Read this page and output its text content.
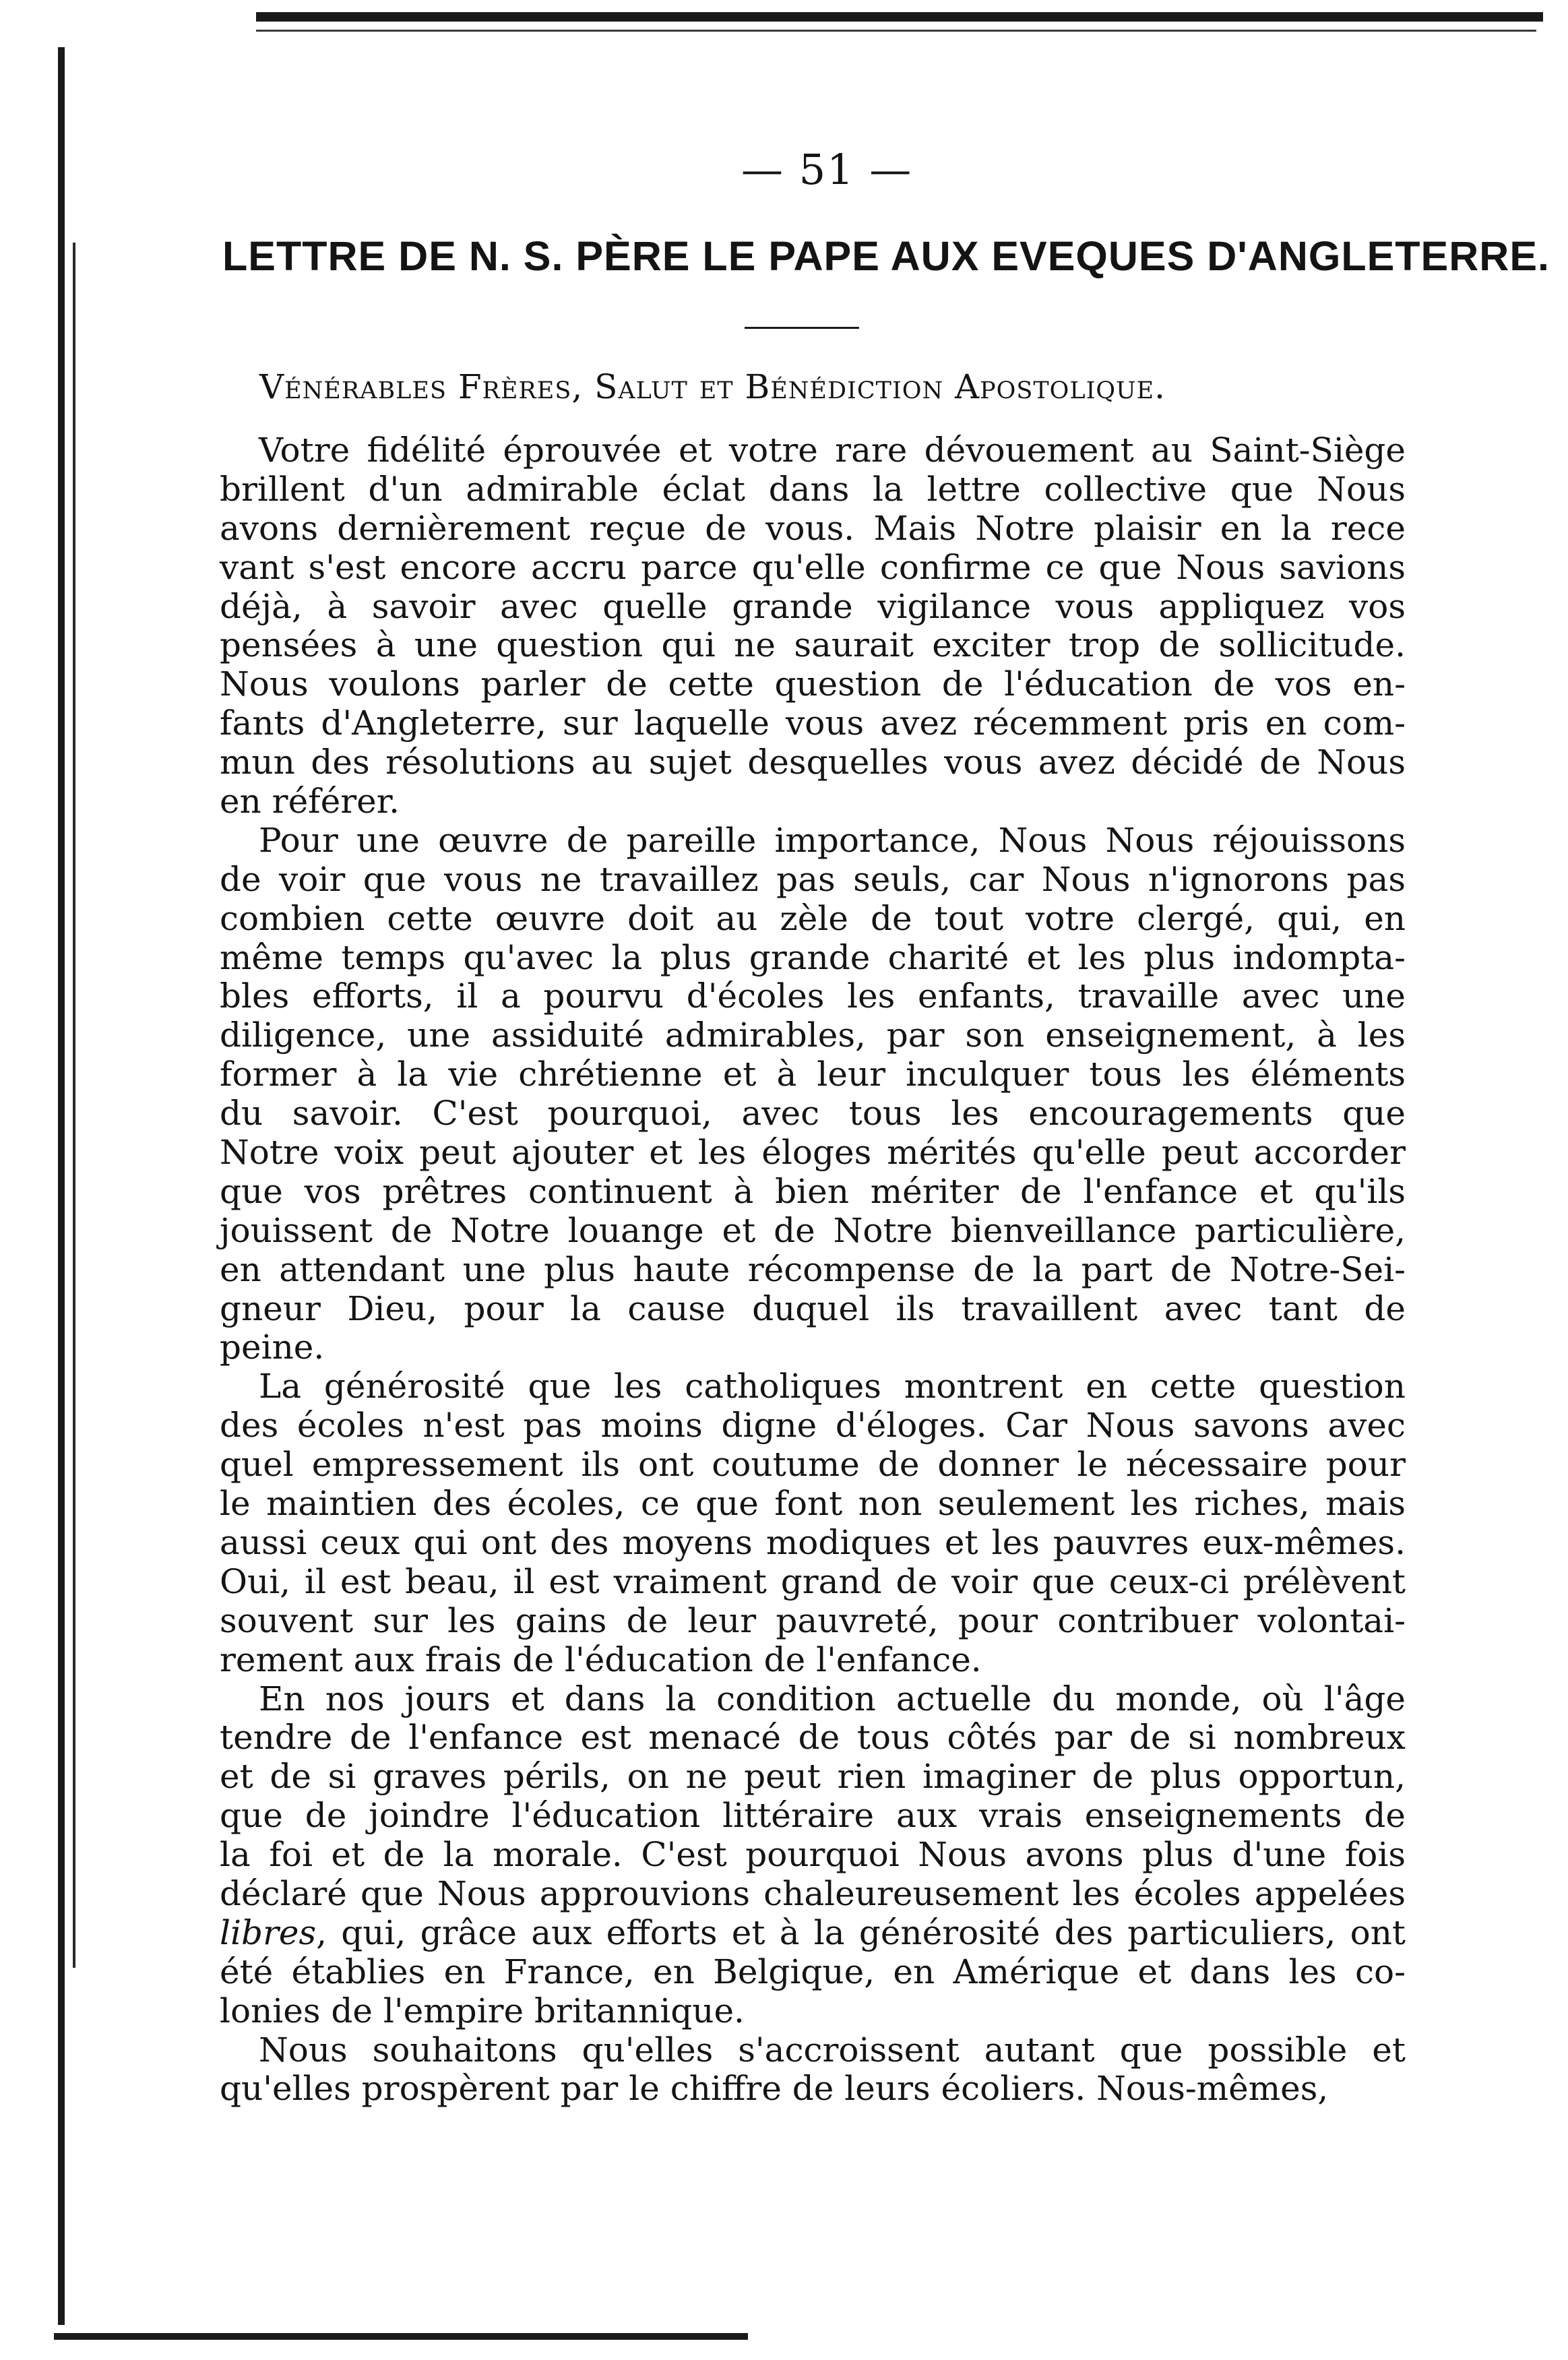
— 51 —
LETTRE DE N. S. PÈRE LE PAPE AUX EVEQUES D'ANGLETERRE.
Vénérables Frères, Salut et Bénédiction Apostolique.
Votre fidélité éprouvée et votre rare dévouement au Saint-Siège
brillent d'un admirable éclat dans la lettre collective que Nous
avons dernièrement reçue de vous. Mais Notre plaisir en la rece
vant s'est encore accru parce qu'elle confirme ce que Nous savions
déjà, à savoir avec quelle grande vigilance vous appliquez vos
pensées à une question qui ne saurait exciter trop de sollicitude.
Nous voulons parler de cette question de l'éducation de vos en-
fants d'Angleterre, sur laquelle vous avez récemment pris en com-
mun des résolutions au sujet desquelles vous avez décidé de Nous
en référer.
Pour une œuvre de pareille importance, Nous Nous réjouissons
de voir que vous ne travaillez pas seuls, car Nous n'ignorons pas
combien cette œuvre doit au zèle de tout votre clergé, qui, en
même temps qu'avec la plus grande charité et les plus indompta-
bles efforts, il a pourvu d'écoles les enfants, travaille avec une
diligence, une assiduité admirables, par son enseignement, à les
former à la vie chrétienne et à leur inculquer tous les éléments
du savoir. C'est pourquoi, avec tous les encouragements que
Notre voix peut ajouter et les éloges mérités qu'elle peut accorder
que vos prêtres continuent à bien mériter de l'enfance et qu'ils
jouissent de Notre louange et de Notre bienveillance particulière,
en attendant une plus haute récompense de la part de Notre-Sei-
gneur Dieu, pour la cause duquel ils travaillent avec tant de
peine.
La générosité que les catholiques montrent en cette question
des écoles n'est pas moins digne d'éloges. Car Nous savons avec
quel empressement ils ont coutume de donner le nécessaire pour
le maintien des écoles, ce que font non seulement les riches, mais
aussi ceux qui ont des moyens modiques et les pauvres eux-mêmes.
Oui, il est beau, il est vraiment grand de voir que ceux-ci prélèvent
souvent sur les gains de leur pauvreté, pour contribuer volontai-
rement aux frais de l'éducation de l'enfance.
En nos jours et dans la condition actuelle du monde, où l'âge
tendre de l'enfance est menacé de tous côtés par de si nombreux
et de si graves périls, on ne peut rien imaginer de plus opportun,
que de joindre l'éducation littéraire aux vrais enseignements de
la foi et de la morale. C'est pourquoi Nous avons plus d'une fois
déclaré que Nous approuvions chaleureusement les écoles appelées
libres, qui, grâce aux efforts et à la générosité des particuliers, ont
été établies en France, en Belgique, en Amérique et dans les co-
lonies de l'empire britannique.
Nous souhaitons qu'elles s'accroissent autant que possible et
qu'elles prospèrent par le chiffre de leurs écoliers. Nous-mêmes,
